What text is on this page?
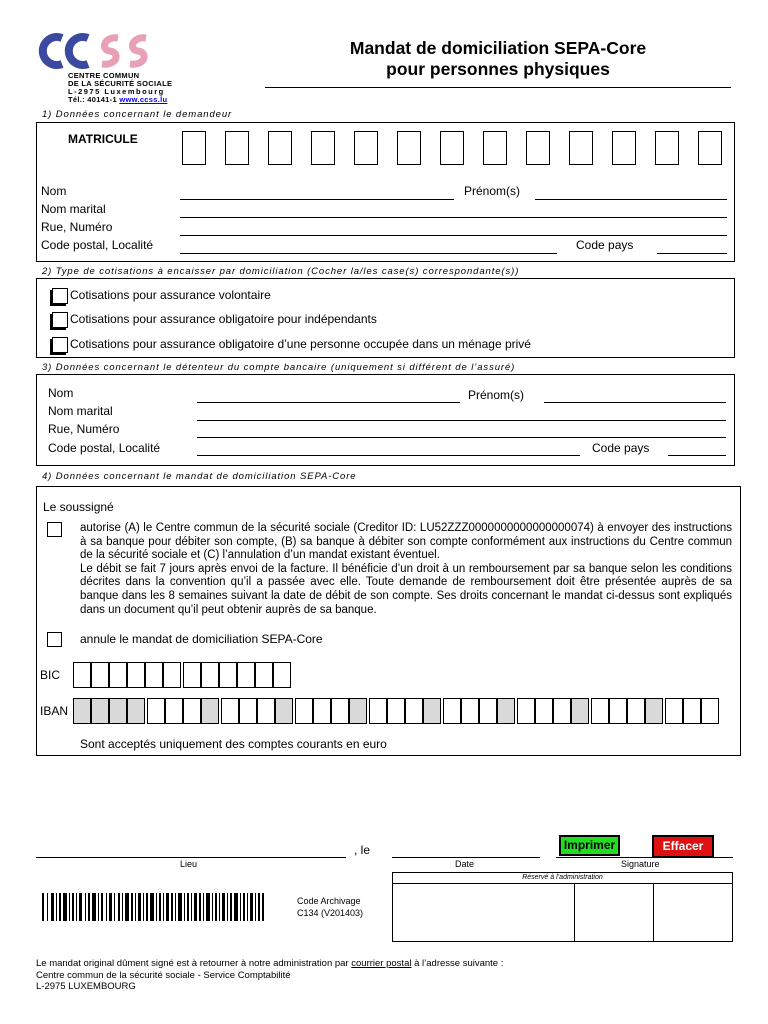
CENTRE COMMUN
DE LA SÉCURITÉ SOCIALE
L-2975 Luxembourg
Tél.: 40141-1 www.ccss.lu
Mandat de domiciliation SEPA-Core
pour personnes physiques
1) Données concernant le demandeur
MATRICULE
Nom	Prénom(s)
Nom marital
Rue, Numéro
Code postal, Localité	Code pays
2) Type de cotisations à encaisser par domiciliation (Cocher la/les case(s) correspondante(s))
Cotisations pour assurance volontaire
Cotisations pour assurance obligatoire pour indépendants
Cotisations pour assurance obligatoire d’une personne occupée dans un ménage privé
3) Données concernant le détenteur du compte bancaire (uniquement si différent de l’assuré)
Nom	Prénom(s)
Nom marital
Rue, Numéro
Code postal, Localité	Code pays
4) Données concernant le mandat de domiciliation SEPA-Core
Le soussigné
autorise (A) le Centre commun de la sécurité sociale (Creditor ID: LU52ZZZ0000000000000000074) à envoyer des instructions à sa banque pour débiter son compte, (B) sa banque à débiter son compte conformément aux instructions du Centre commun de la sécurité sociale et (C) l’annulation d’un mandat existant éventuel.
Le débit se fait 7 jours après envoi de la facture. Il bénéficie d’un droit à un remboursement par sa banque selon les conditions décrites dans la convention qu’il a passée avec elle. Toute demande de remboursement doit être présentée auprès de sa banque dans les 8 semaines suivant la date de débit de son compte. Ses droits concernant le mandat ci-dessus sont expliqués dans un document qu’il peut obtenir auprès de sa banque.
annule le mandat de domiciliation SEPA-Core
BIC
IBAN
Sont acceptés uniquement des comptes courants en euro
, le
Lieu	Date	Signature
Imprimer	Effacer
Réservé à l’administration
Code Archivage
C134 (V201403)
Le mandat original dûment signé est à retourner à notre administration par courrier postal à l’adresse suivante :
Centre commun de la sécurité sociale - Service Comptabilité
L-2975 LUXEMBOURG
